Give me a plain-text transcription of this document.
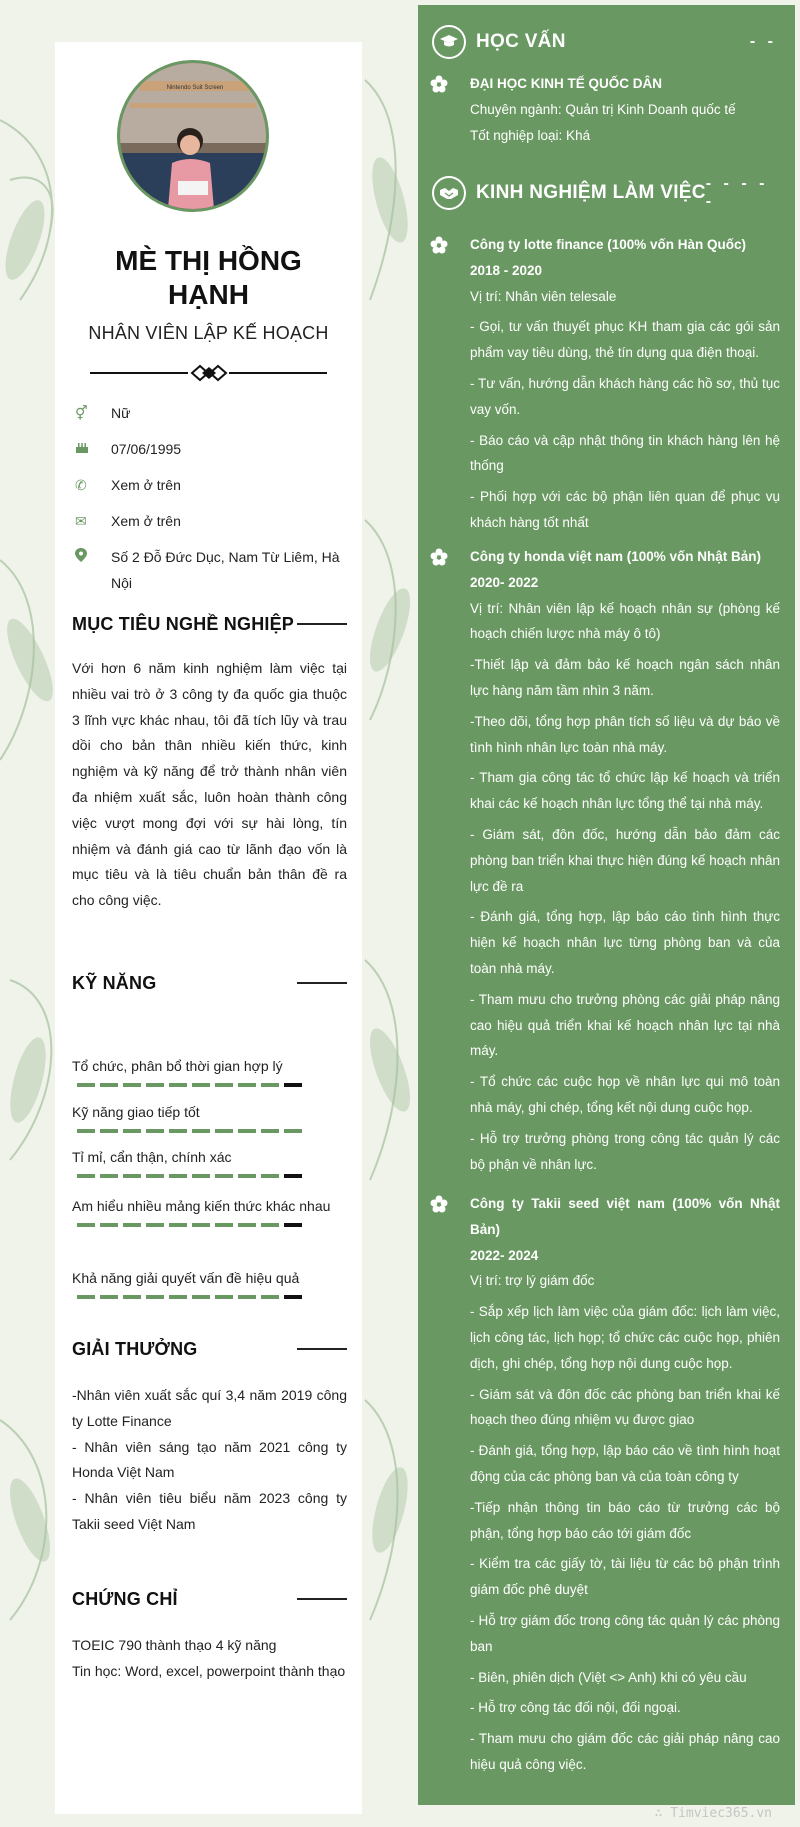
Nintendo Suit Screen
MÈ THỊ HỒNG
HẠNH
NHÂN VIÊN LẬP KẾ HOẠCH
⚥	Nữ
07/06/1995
✆	Xem ở trên
✉	Xem ở trên
Số 2 Đỗ Đức Dục, Nam Từ Liêm, Hà Nội
MỤC TIÊU NGHỀ NGHIỆP
Với hơn 6 năm kinh nghiệm làm việc tại nhiều vai trò ở 3 công ty đa quốc gia thuộc 3 lĩnh vực khác nhau, tôi đã tích lũy và trau dồi cho bản thân nhiều kiến thức, kinh nghiệm và kỹ năng để trở thành nhân viên đa nhiệm xuất sắc, luôn hoàn thành công việc vượt mong đợi với sự hài lòng, tín nhiệm và đánh giá cao từ lãnh đạo vốn là mục tiêu và là tiêu chuẩn bản thân đề ra cho công việc.
KỸ NĂNG
Tổ chức, phân bổ thời gian hợp lý
Kỹ năng giao tiếp tốt
Tỉ mỉ, cẩn thận, chính xác
Am hiểu nhiều mảng kiến thức khác nhau
Khả năng giải quyết vấn đề hiệu quả
GIẢI THƯỞNG
-Nhân viên xuất sắc quí 3,4 năm 2019 công ty Lotte Finance
- Nhân viên sáng tạo năm 2021 công ty Honda Việt Nam
- Nhân viên tiêu biểu năm 2023 công ty Takii seed Việt Nam
CHỨNG CHỈ
TOEIC 790 thành thạo 4 kỹ năng
Tin học: Word, excel, powerpoint thành thạo
HỌC VẤN	- -

ĐẠI HỌC KINH TẾ QUỐC DÂN

Chuyên ngành: Quản trị Kinh Doanh quốc tế

Tốt nghiệp loại: Khá

KINH NGHIỆM LÀM VIỆC - - - - -

Công ty lotte finance (100% vốn Hàn Quốc)

2018 - 2020

Vị trí: Nhân viên telesale

- Gọi, tư vấn thuyết phục KH tham gia các gói sản phẩm vay tiêu dùng, thẻ tín dụng qua điện thoại.

- Tư vấn, hướng dẫn khách hàng các hồ sơ, thủ tục vay vốn.

- Báo cáo và cập nhật thông tin khách hàng lên hệ thống

- Phối hợp với các bộ phận liên quan để phục vụ khách hàng tốt nhất

Công ty honda việt nam (100% vốn Nhật Bản)

2020- 2022

Vị trí: Nhân viên lập kế hoạch nhân sự (phòng kế hoạch chiến lược nhà máy ô tô)

-Thiết lập và đảm bảo kế hoạch ngân sách nhân lực hàng năm tầm nhìn 3 năm.

-Theo dõi, tổng hợp phân tích số liệu và dự báo về tình hình nhân lực toàn nhà máy.

- Tham gia công tác tổ chức lập kế hoạch và triển khai các kế hoạch nhân lực tổng thể tại nhà máy.

- Giám sát, đôn đốc, hướng dẫn bảo đảm các phòng ban triển khai thực hiện đúng kế hoạch nhân lực đề ra

- Đánh giá, tổng hợp, lập báo cáo tình hình thực hiện kế hoạch nhân lực từng phòng ban và của toàn nhà máy.

- Tham mưu cho trưởng phòng các giải pháp nâng cao hiệu quả triển khai kế hoạch nhân lực tại nhà máy.

- Tổ chức các cuộc họp về nhân lực qui mô toàn nhà máy, ghi chép, tổng kết nội dung cuộc họp.

- Hỗ trợ trưởng phòng trong công tác quản lý các bộ phận về nhân lực.

Công ty Takii seed việt nam (100% vốn Nhật Bản)

2022- 2024

Vị trí: trợ lý giám đốc

- Sắp xếp lịch làm việc của giám đốc: lịch làm việc, lịch công tác, lịch họp; tổ chức các cuộc họp, phiên dịch, ghi chép, tổng hợp nội dung cuộc họp.

- Giám sát và đôn đốc các phòng ban triển khai kế hoạch theo đúng nhiệm vụ được giao

- Đánh giá, tổng hợp, lập báo cáo về tình hình hoạt động của các phòng ban và của toàn công ty

-Tiếp nhận thông tin báo cáo từ trưởng các bộ phận, tổng hợp báo cáo tới giám đốc

- Kiểm tra các giấy tờ, tài liệu từ các bộ phận trình giám đốc phê duyệt

- Hỗ trợ giám đốc trong công tác quản lý các phòng ban

- Biên, phiên dịch (Việt <> Anh) khi có yêu cầu

- Hỗ trợ công tác đối nội, đối ngoại.

- Tham mưu cho giám đốc các giải pháp nâng cao hiệu quả công việc.

∴ Timviec365.vn
